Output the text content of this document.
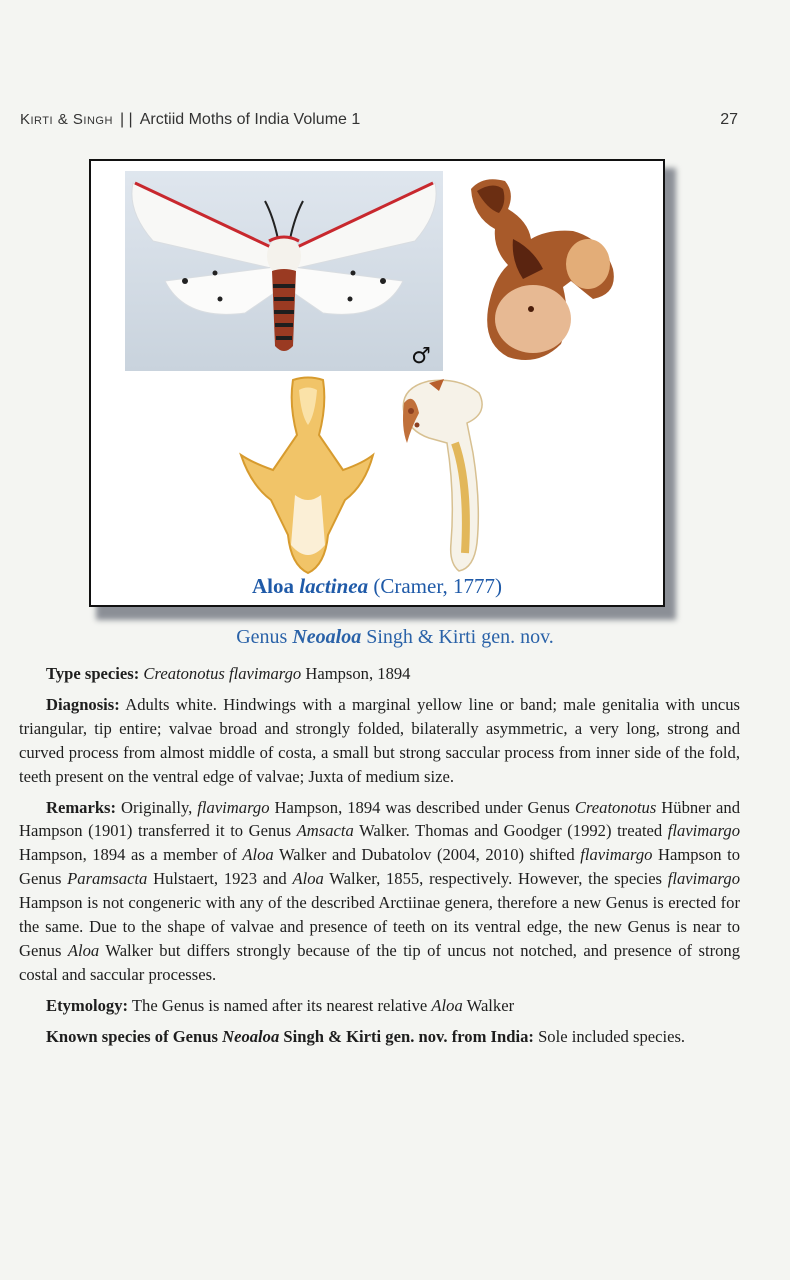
Kirti & Singh | | Arctiid Moths of India Volume 1	27
♂
Aloa lactinea (Cramer, 1777)
Genus Neoaloa Singh & Kirti gen. nov.

Type species: Creatonotus flavimargo Hampson, 1894

Diagnosis: Adults white. Hindwings with a marginal yellow line or band; male genitalia with uncus triangular, tip entire; valvae broad and strongly folded, bilaterally asymmetric, a very long, strong and curved process from almost middle of costa, a small but strong saccular process from inner side of the fold, teeth present on the ventral edge of valvae; Juxta of medium size.

Remarks: Originally, flavimargo Hampson, 1894 was described under Genus Creatonotus Hübner and Hampson (1901) transferred it to Genus Amsacta Walker. Thomas and Goodger (1992) treated flavimargo Hampson, 1894 as a member of Aloa Walker and Dubatolov (2004, 2010) shifted flavimargo Hampson to Genus Paramsacta Hulstaert, 1923 and Aloa Walker, 1855, respectively. However, the species flavimargo Hampson is not congeneric with any of the described Arctiinae genera, therefore a new Genus is erected for the same. Due to the shape of valvae and presence of teeth on its ventral edge, the new Genus is near to Genus Aloa Walker but differs strongly because of the tip of uncus not notched, and presence of strong costal and saccular processes.

Etymology: The Genus is named after its nearest relative Aloa Walker

Known species of Genus Neoaloa Singh & Kirti gen. nov. from India: Sole included species.
